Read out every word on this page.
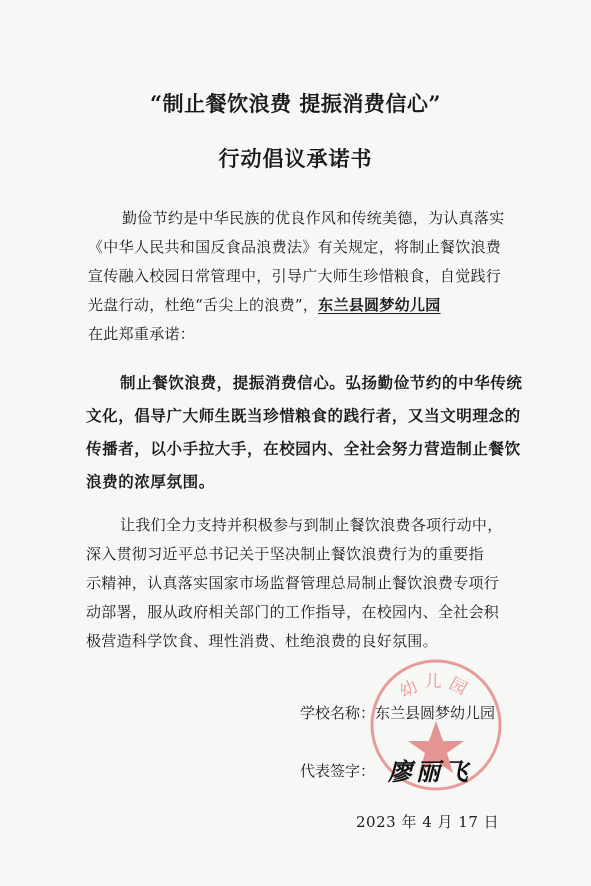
“制止餐饮浪费 提振消费信心”
行动倡议承诺书
勤俭节约是中华民族的优良作风和传统美德，为认真落实
《中华人民共和国反食品浪费法》有关规定，将制止餐饮浪费
宣传融入校园日常管理中，引导广大师生珍惜粮食，自觉践行
光盘行动，杜绝“舌尖上的浪费”，东兰县圆梦幼儿园
在此郑重承诺：
制止餐饮浪费，提振消费信心。弘扬勤俭节约的中华传统
文化，倡导广大师生既当珍惜粮食的践行者，又当文明理念的
传播者，以小手拉大手，在校园内、全社会努力营造制止餐饮
浪费的浓厚氛围。
让我们全力支持并积极参与到制止餐饮浪费各项行动中，
深入贯彻习近平总书记关于坚决制止餐饮浪费行为的重要指
示精神，认真落实国家市场监督管理总局制止餐饮浪费专项行
动部署，服从政府相关部门的工作指导，在校园内、全社会积
极营造科学饮食、理性消费、杜绝浪费的良好氛围。
幼儿园
学校名称：东兰县圆梦幼儿园
代表签字： 廖丽飞
2023 年 4 月 17 日
